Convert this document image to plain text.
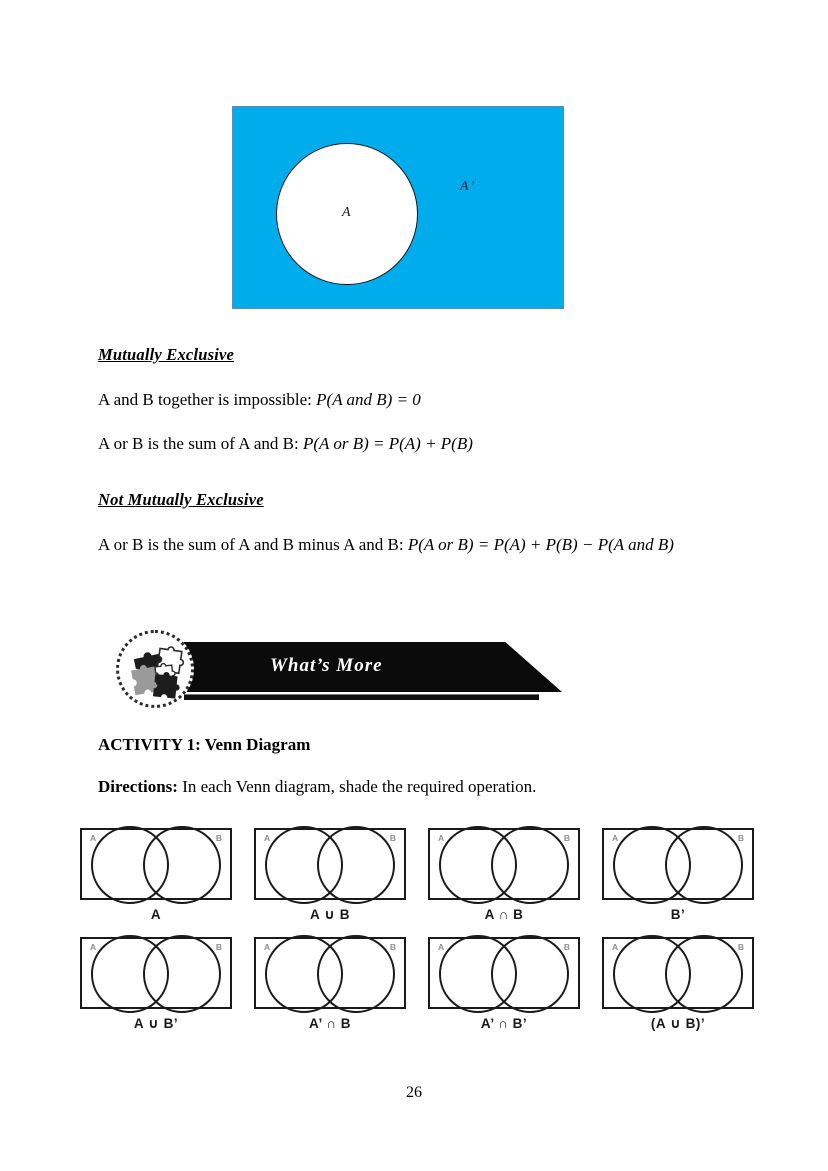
A
A’

Mutually Exclusive

A and B together is impossible: P(A and B) = 0

A or B is the sum of A and B: P(A or B) = P(A) + P(B)

Not Mutually Exclusive

A or B is the sum of A and B minus A and B: P(A or B) = P(A) + P(B) − P(A and B)

What’s More

ACTIVITY 1: Venn Diagram

Directions: In each Venn diagram, shade the required operation.

A	B
A
A	B
A ∪ B
A	B
A ∩ B
A	B
B’
A	B
A ∪ B’
A	B
A’ ∩ B
A	B
A’ ∩ B’
A	B
(A ∪ B)’
26
